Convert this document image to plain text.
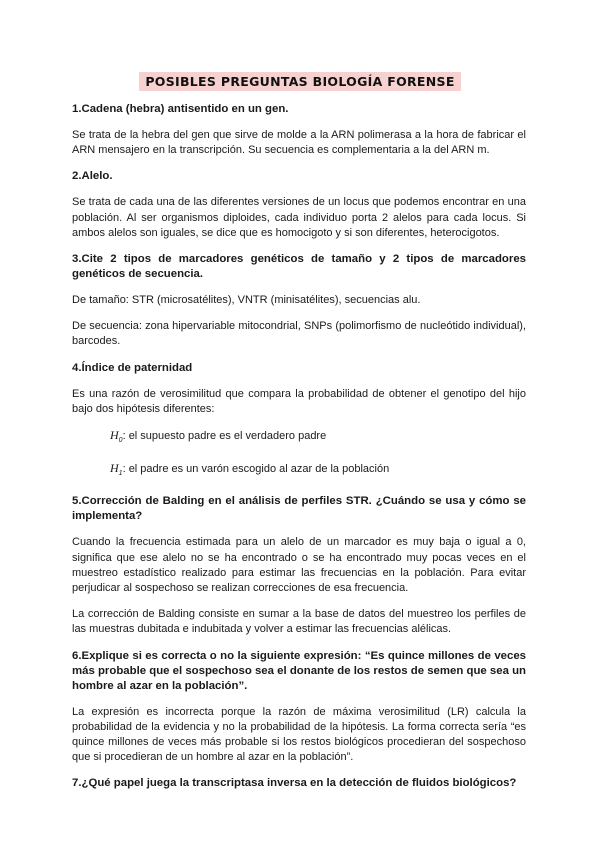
POSIBLES PREGUNTAS BIOLOGÍA FORENSE
1.Cadena (hebra) antisentido en un gen.
Se trata de la hebra del gen que sirve de molde a la ARN polimerasa a la hora de fabricar el ARN mensajero en la transcripción. Su secuencia es complementaria a la del ARN m.
2.Alelo.
Se trata de cada una de las diferentes versiones de un locus que podemos encontrar en una población. Al ser organismos diploides, cada individuo porta 2 alelos para cada locus. Si ambos alelos son iguales, se dice que es homocigoto y si son diferentes, heterocigotos.
3.Cite 2 tipos de marcadores genéticos de tamaño y 2 tipos de marcadores genéticos de secuencia.
De tamaño: STR (microsatélites), VNTR (minisatélites), secuencias alu.
De secuencia: zona hipervariable mitocondrial, SNPs (polimorfismo de nucleótido individual), barcodes.
4.Índice de paternidad
Es una razón de verosimilitud que compara la probabilidad de obtener el genotipo del hijo bajo dos hipótesis diferentes:
$H_0$: el supuesto padre es el verdadero padre
$H_1$: el padre es un varón escogido al azar de la población
5.Corrección de Balding en el análisis de perfiles STR. ¿Cuándo se usa y cómo se implementa?
Cuando la frecuencia estimada para un alelo de un marcador es muy baja o igual a 0, significa que ese alelo no se ha encontrado o se ha encontrado muy pocas veces en el muestreo estadístico realizado para estimar las frecuencias en la población. Para evitar perjudicar al sospechoso se realizan correcciones de esa frecuencia.
La corrección de Balding consiste en sumar a la base de datos del muestreo los perfiles de las muestras dubitada e indubitada y volver a estimar las frecuencias alélicas.
6.Explique si es correcta o no la siguiente expresión: “Es quince millones de veces más probable que el sospechoso sea el donante de los restos de semen que sea un hombre al azar en la población”.
La expresión es incorrecta porque la razón de máxima verosimilitud (LR) calcula la probabilidad de la evidencia y no la probabilidad de la hipótesis. La forma correcta sería “es quince millones de veces más probable si los restos biológicos procedieran del sospechoso que si procedieran de un hombre al azar en la población”.
7.¿Qué papel juega la transcriptasa inversa en la detección de fluidos biológicos?
